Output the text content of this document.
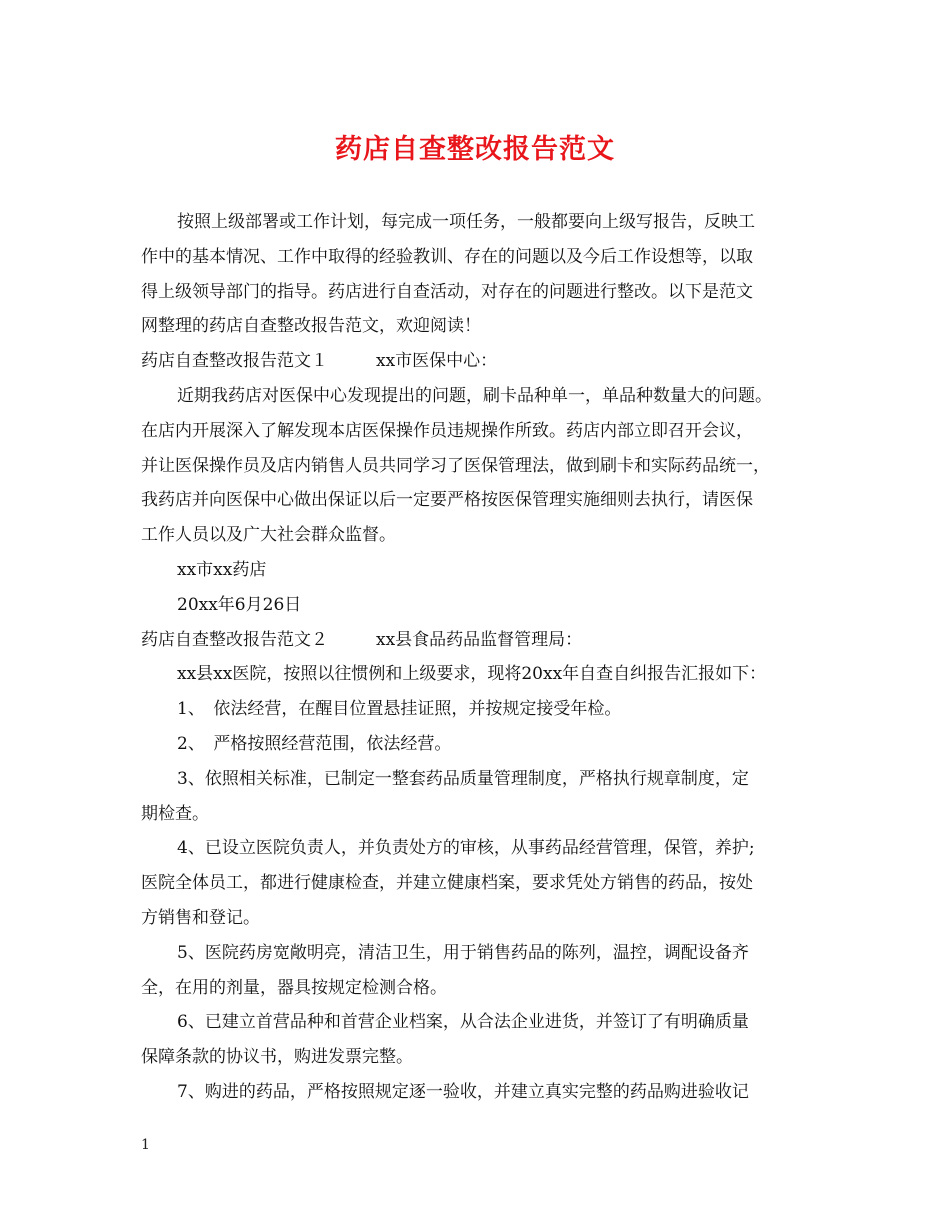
药店自查整改报告范文
按照上级部署或工作计划，每完成一项任务，一般都要向上级写报告，反映工
作中的基本情况、工作中取得的经验教训、存在的问题以及今后工作设想等，以取
得上级领导部门的指导。药店进行自查活动，对存在的问题进行整改。以下是范文
网整理的药店自查整改报告范文，欢迎阅读！
药店自查整改报告范文１	xx市医保中心：
近期我药店对医保中心发现提出的问题，刷卡品种单一，单品种数量大的问题。
在店内开展深入了解发现本店医保操作员违规操作所致。药店内部立即召开会议，
并让医保操作员及店内销售人员共同学习了医保管理法，做到刷卡和实际药品统一，
我药店并向医保中心做出保证以后一定要严格按医保管理实施细则去执行，请医保
工作人员以及广大社会群众监督。
xx市xx药店
20xx年6月26日
药店自查整改报告范文２	xx县食品药品监督管理局：
xx县xx医院，按照以往惯例和上级要求，现将20xx年自查自纠报告汇报如下：
1、　依法经营，在醒目位置悬挂证照，并按规定接受年检。
2、　严格按照经营范围，依法经营。
3、依照相关标准，已制定一整套药品质量管理制度，严格执行规章制度，定
期检查。
4、已设立医院负责人，并负责处方的审核，从事药品经营管理，保管，养护;
医院全体员工，都进行健康检查，并建立健康档案，要求凭处方销售的药品，按处
方销售和登记。
5、医院药房宽敞明亮，清洁卫生，用于销售药品的陈列，温控，调配设备齐
全，在用的剂量，器具按规定检测合格。
6、已建立首营品种和首营企业档案，从合法企业进货，并签订了有明确质量
保障条款的协议书，购进发票完整。
7、购进的药品，严格按照规定逐一验收，并建立真实完整的药品购进验收记
1
